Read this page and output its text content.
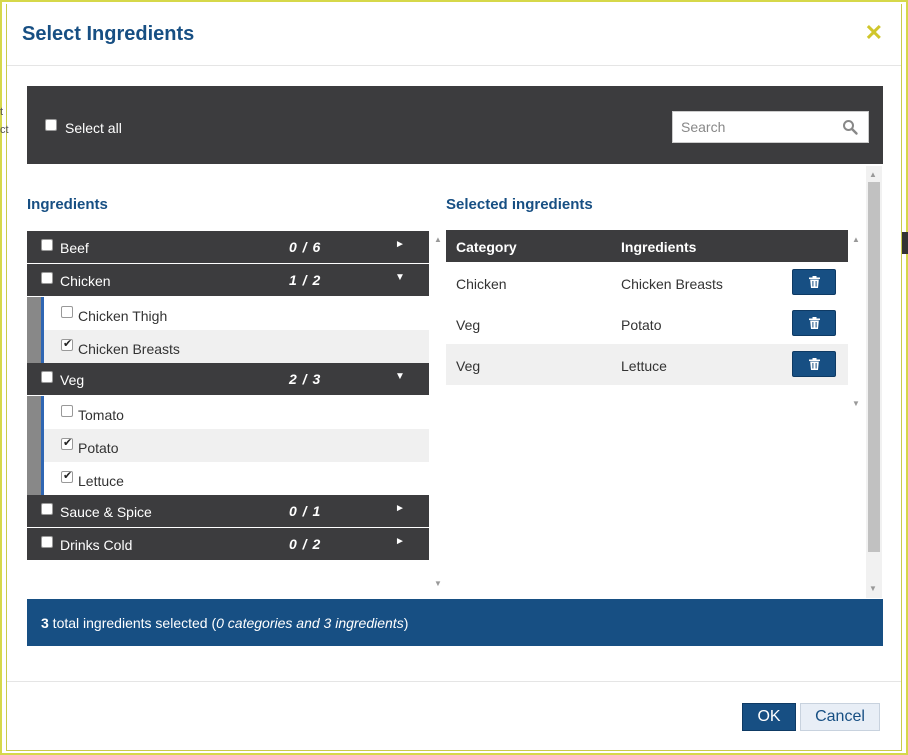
t
ct
Select Ingredients	✕
Select all
Search
Ingredients	Selected ingredients
Beef	0 / 6	►
Chicken	1 / 2	▼
Chicken Thigh
✔
Chicken Breasts
Veg	2 / 3	▼
Tomato
✔
Potato
✔
Lettuce
Sauce & Spice	0 / 1	►
Drinks Cold	0 / 2	►
▲
▼
Category	Ingredients
Chicken	Chicken Breasts
Veg	Potato
Veg	Lettuce
▲
▼
▲
▼
3 total ingredients selected (0 categories and 3 ingredients)
OK	Cancel
